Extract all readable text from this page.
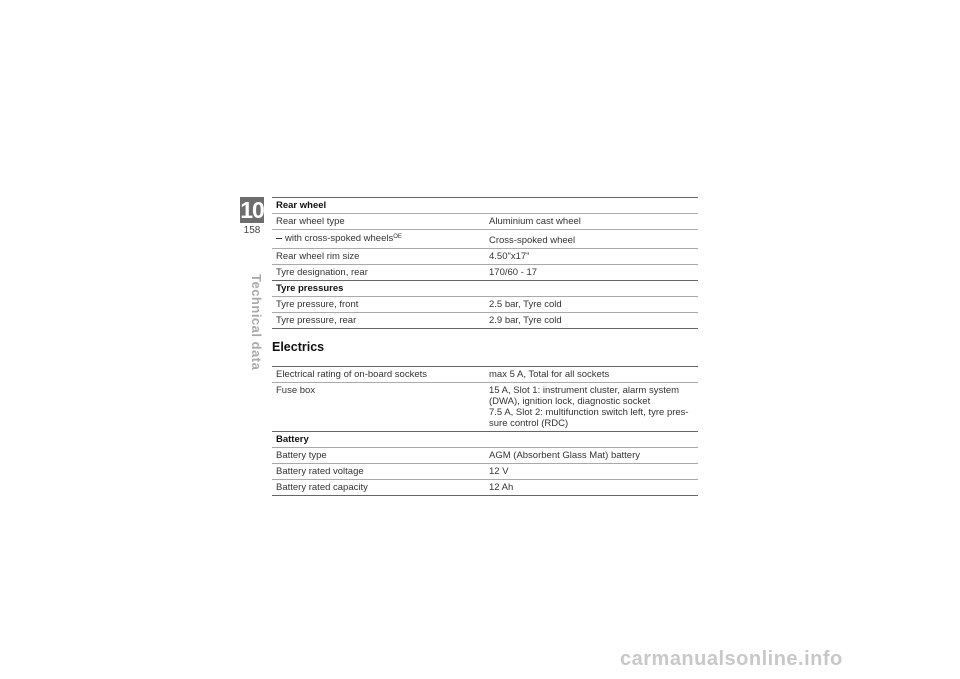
10
158
Technical data
Rear wheel
Rear wheel type	Aluminium cast wheel
with cross-spoked wheels$^{OE}$	Cross-spoked wheel
Rear wheel rim size	4.50"x17"
Tyre designation, rear	170/60 - 17
Tyre pressures
Tyre pressure, front	2.5 bar, Tyre cold
Tyre pressure, rear	2.9 bar, Tyre cold
Electrics
Electrical rating of on-board sockets	max 5 A, Total for all sockets
Fuse box	15 A, Slot 1: instrument cluster, alarm system
(DWA), ignition lock, diagnostic socket
7.5 A, Slot 2: multifunction switch left, tyre pres-
sure control (RDC)
Battery
Battery type	AGM (Absorbent Glass Mat) battery
Battery rated voltage	12 V
Battery rated capacity	12 Ah
carmanualsonline.info
